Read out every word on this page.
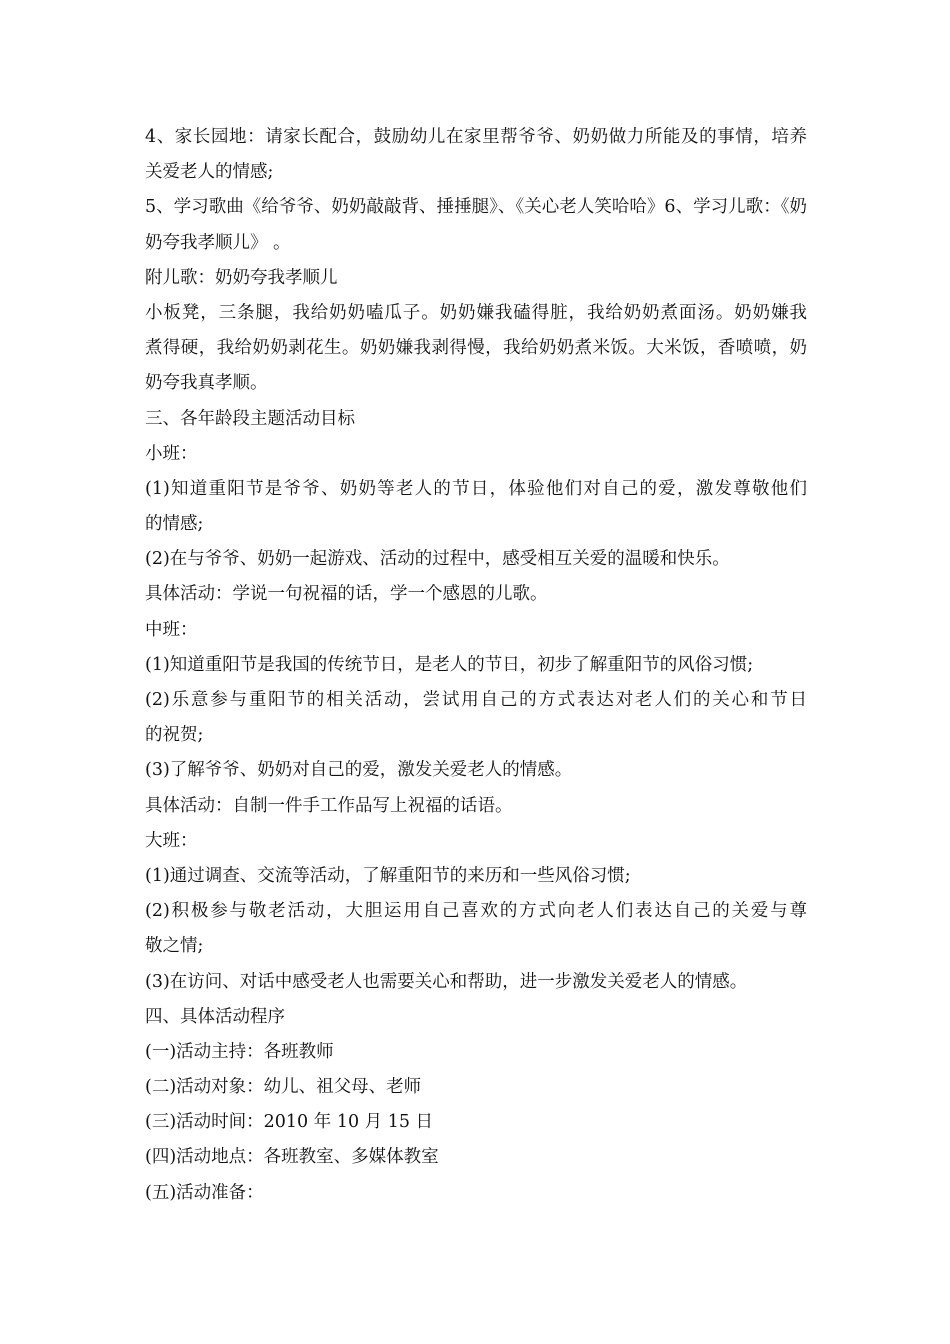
4、家长园地：请家长配合，鼓励幼儿在家里帮爷爷、奶奶做力所能及的事情，培养
关爱老人的情感;
5、学习歌曲《给爷爷、奶奶敲敲背、捶捶腿》、《关心老人笑哈哈》6、学习儿歌：《奶
奶夸我孝顺儿》 。
附儿歌：奶奶夸我孝顺儿
小板凳，三条腿，我给奶奶嗑瓜子。奶奶嫌我磕得脏，我给奶奶煮面汤。奶奶嫌我
煮得硬，我给奶奶剥花生。奶奶嫌我剥得慢，我给奶奶煮米饭。大米饭，香喷喷，奶
奶夸我真孝顺。
三、各年龄段主题活动目标
小班：
(1)知道重阳节是爷爷、奶奶等老人的节日，体验他们对自己的爱，激发尊敬他们
的情感;
(2)在与爷爷、奶奶一起游戏、活动的过程中，感受相互关爱的温暖和快乐。
具体活动：学说一句祝福的话，学一个感恩的儿歌。
中班：
(1)知道重阳节是我国的传统节日，是老人的节日，初步了解重阳节的风俗习惯;
(2)乐意参与重阳节的相关活动，尝试用自己的方式表达对老人们的关心和节日
的祝贺;
(3)了解爷爷、奶奶对自己的爱，激发关爱老人的情感。
具体活动：自制一件手工作品写上祝福的话语。
大班：
(1)通过调查、交流等活动，了解重阳节的来历和一些风俗习惯;
(2)积极参与敬老活动，大胆运用自己喜欢的方式向老人们表达自己的关爱与尊
敬之情;
(3)在访问、对话中感受老人也需要关心和帮助，进一步激发关爱老人的情感。
四、具体活动程序
(一)活动主持：各班教师
(二)活动对象：幼儿、祖父母、老师
(三)活动时间：2010 年 10 月 15 日
(四)活动地点：各班教室、多媒体教室
(五)活动准备：
